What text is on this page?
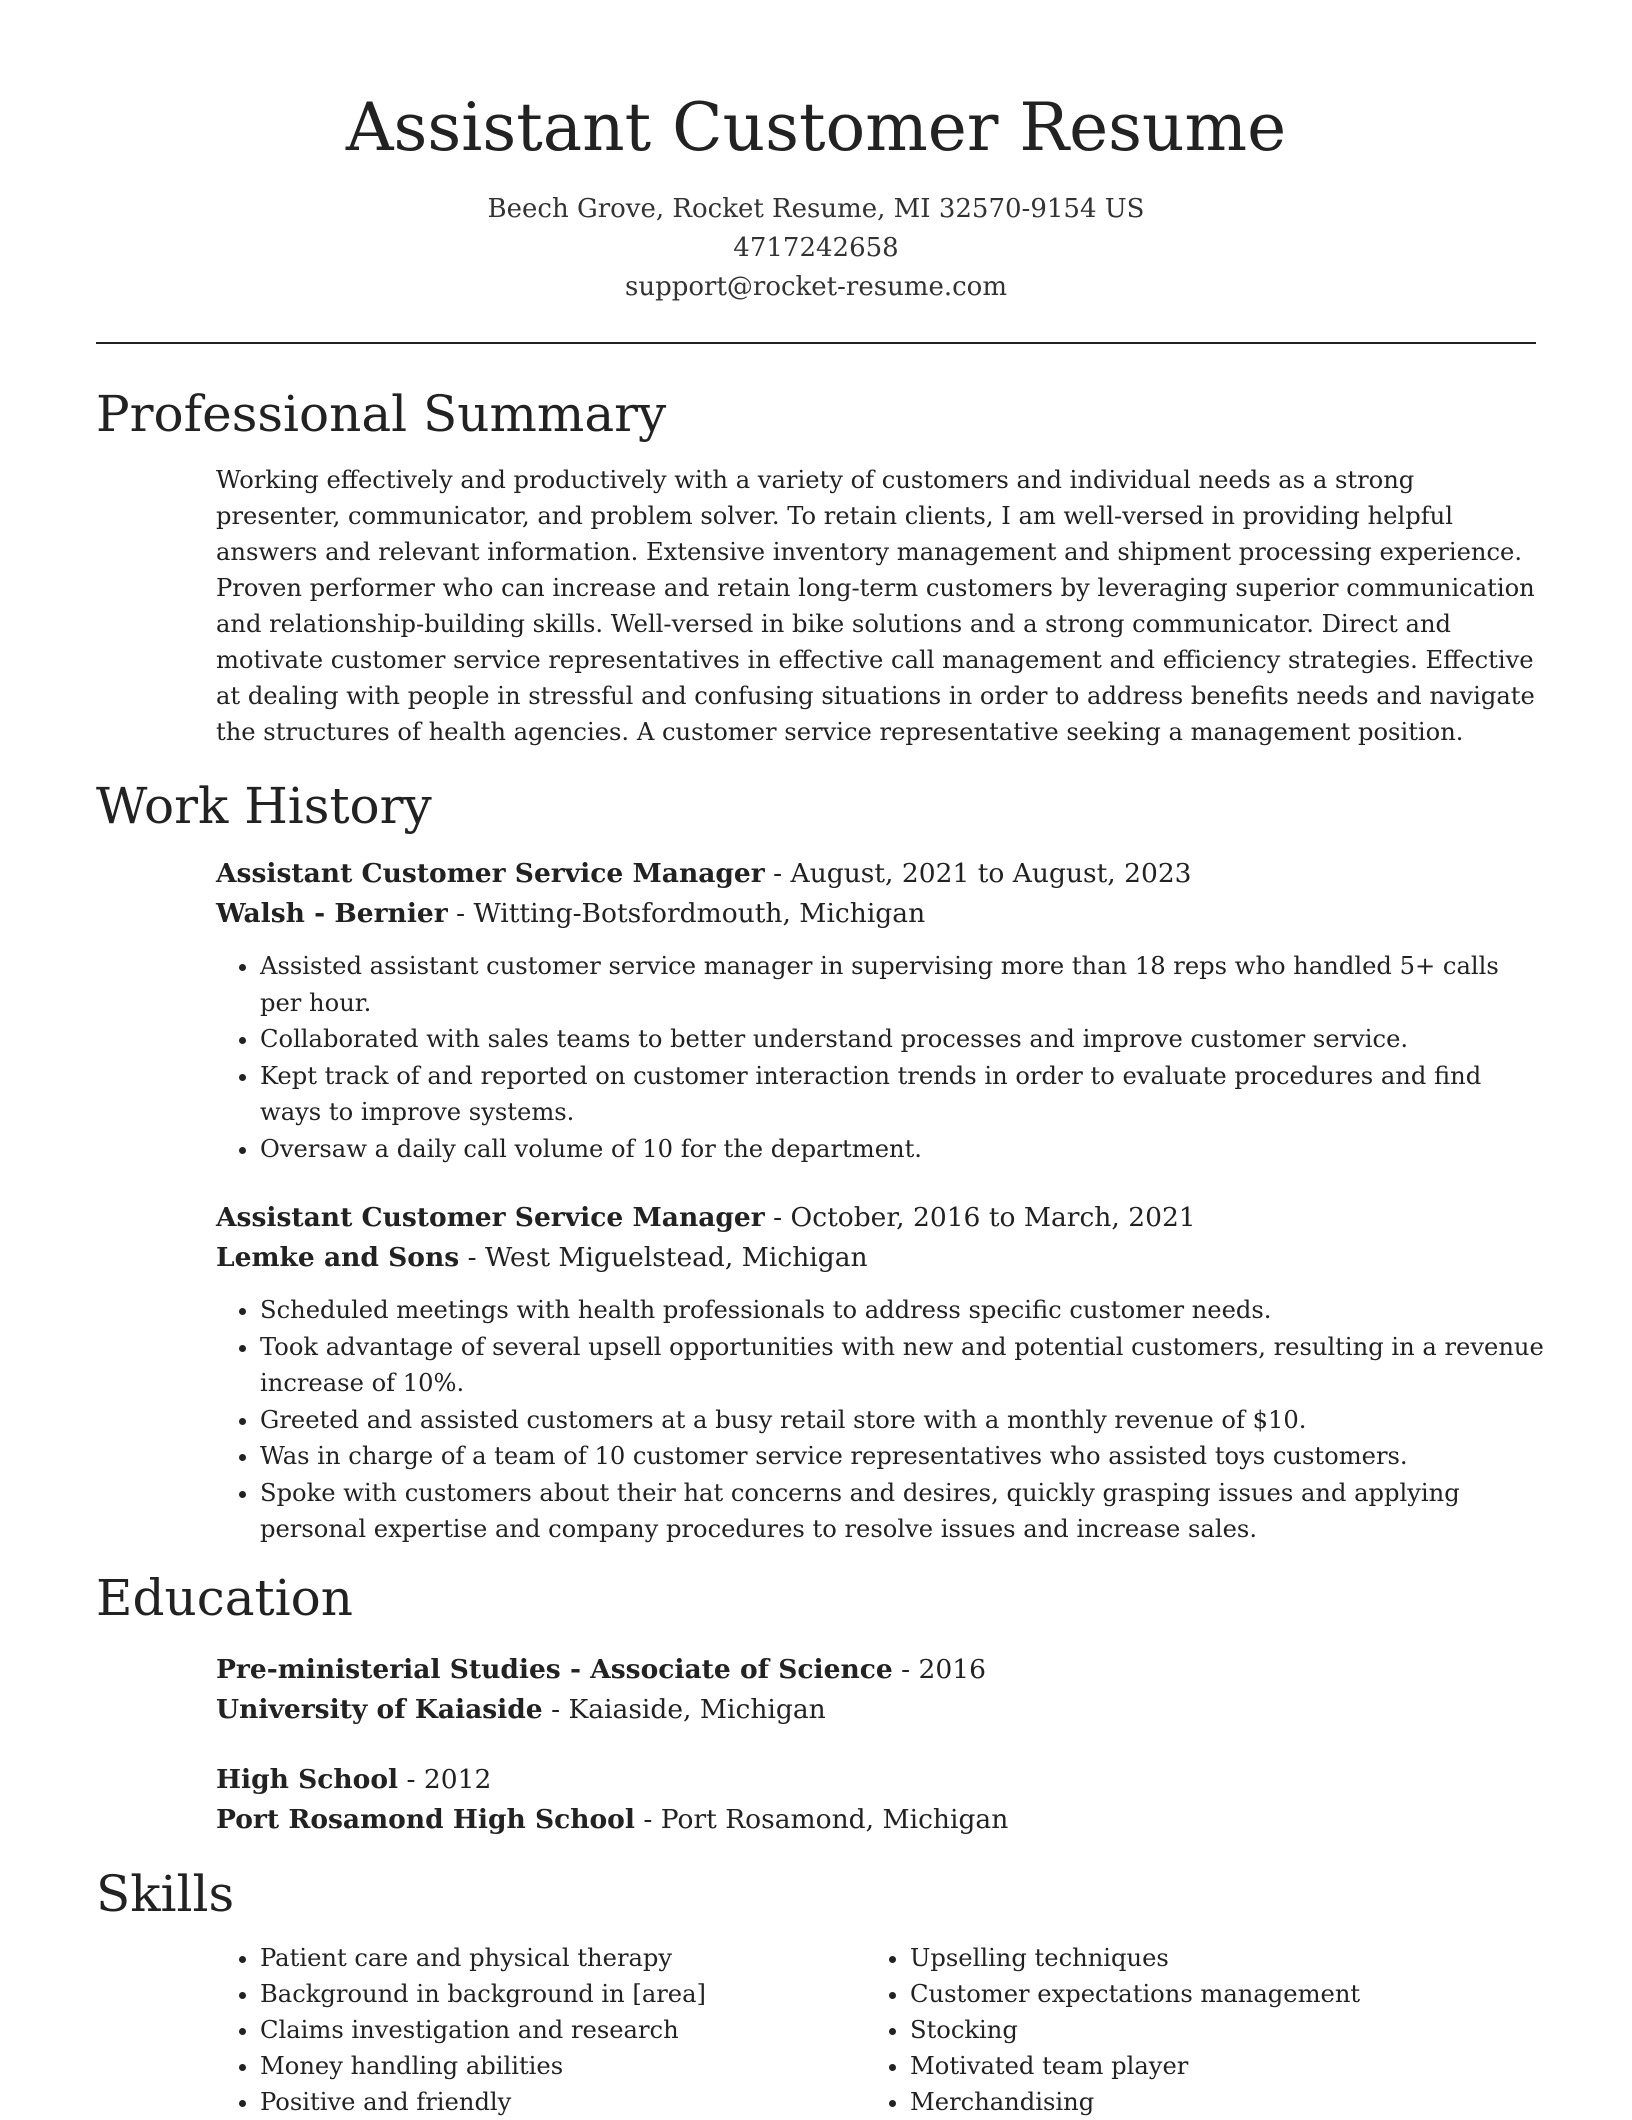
Assistant Customer Resume
Beech Grove, Rocket Resume, MI 32570-9154 US
4717242658
support@rocket-resume.com
Professional Summary

Working effectively and productively with a variety of customers and individual needs as a strong presenter, communicator, and problem solver. To retain clients, I am well-versed in providing helpful answers and relevant information. Extensive inventory management and shipment processing experience. Proven performer who can increase and retain long-term customers by leveraging superior communication and relationship-building skills. Well-versed in bike solutions and a strong communicator. Direct and motivate customer service representatives in effective call management and efficiency strategies. Effective at dealing with people in stressful and confusing situations in order to address benefits needs and navigate the structures of health agencies. A customer service representative seeking a management position.

Work History
Assistant Customer Service Manager - August, 2021 to August, 2023
Walsh - Bernier - Witting-Botsfordmouth, Michigan
• Assisted assistant customer service manager in supervising more than 18 reps who handled 5+ calls per hour.
• Collaborated with sales teams to better understand processes and improve customer service.
• Kept track of and reported on customer interaction trends in order to evaluate procedures and find ways to improve systems.
• Oversaw a daily call volume of 10 for the department.
Assistant Customer Service Manager - October, 2016 to March, 2021
Lemke and Sons - West Miguelstead, Michigan
• Scheduled meetings with health professionals to address specific customer needs.
• Took advantage of several upsell opportunities with new and potential customers, resulting in a revenue increase of 10%.
• Greeted and assisted customers at a busy retail store with a monthly revenue of $10.
• Was in charge of a team of 10 customer service representatives who assisted toys customers.
• Spoke with customers about their hat concerns and desires, quickly grasping issues and applying personal expertise and company procedures to resolve issues and increase sales.
Education
Pre-ministerial Studies - Associate of Science - 2016
University of Kaiaside - Kaiaside, Michigan
High School - 2012
Port Rosamond High School - Port Rosamond, Michigan
Skills
• Patient care and physical therapy
• Background in background in [area]
• Claims investigation and research
• Money handling abilities
• Positive and friendly
• Upselling techniques
• Customer expectations management
• Stocking
• Motivated team player
• Merchandising
